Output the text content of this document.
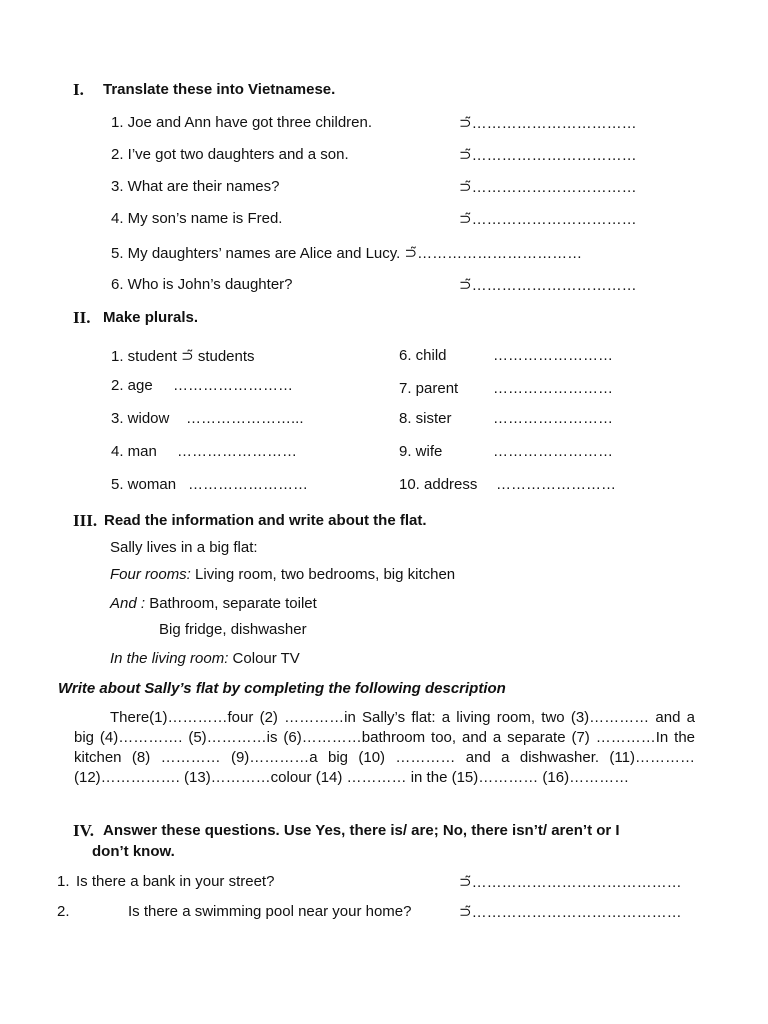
I. Translate these into Vietnamese.
1. Joe and Ann have got three children.	⊃̃……………………………
2. I’ve got two daughters and a son.	⊃̃……………………………
3. What are their names?	⊃̃……………………………
4. My son’s name is Fred.	⊃̃……………………………
5. My daughters’ names are Alice and Lucy. ⊃̃……………………………
6. Who is John’s daughter?	⊃̃……………………………
II. Make plurals.
1. student ⊃̃ students
2. age ……………………
3. widow …………………...
4. man ……………………
5. woman ……………………
6. child	……………………
7. parent ……………………
8. sister	……………………
9. wife	……………………
10. address ……………………
III. Read the information and write about the flat.
Sally lives in a big flat:
Four rooms: Living room, two bedrooms, big kitchen
And : Bathroom, separate toilet
Big fridge, dishwasher
In the living room: Colour TV
Write about Sally’s flat by completing the following description
There(1)…………four (2) …………in Sally’s flat: a living room, two (3)………… and a big (4)…………. (5)…………is (6)…………bathroom too, and a separate (7) …………In the kitchen (8) ………… (9)…………a big (10) ………… and a dishwasher. (11)…………(12)……………. (13)…………colour (14) ………… in the (15)………… (16)…………
IV. Answer these questions. Use Yes, there is/ are; No, there isn’t/ aren’t or I
don’t know.
1. Is there a bank in your street?	⊃̃……………………………………
2.	Is there a swimming pool near your home?	⊃̃……………………………………
